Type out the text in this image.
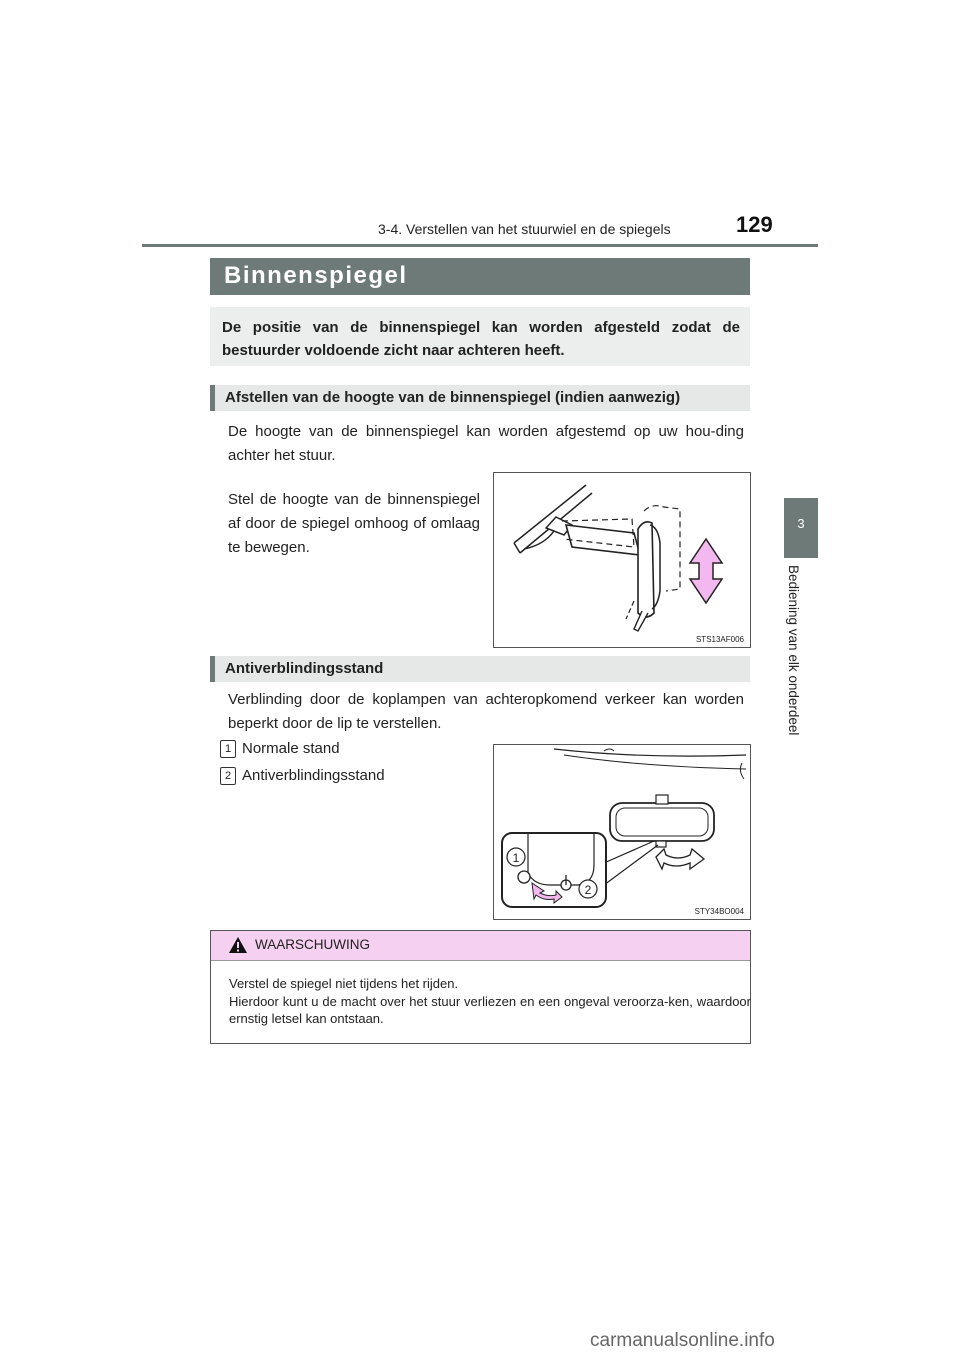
3-4. Verstellen van het stuurwiel en de spiegels	129
3
Bediening van elk onderdeel
Binnenspiegel
De positie van de binnenspiegel kan worden afgesteld zodat de bestuurder voldoende zicht naar achteren heeft.
Afstellen van de hoogte van de binnenspiegel (indien aanwezig)
De hoogte van de binnenspiegel kan worden afgestemd op uw hou-ding achter het stuur.
Stel de hoogte van de binnenspiegel af door de spiegel omhoog of omlaag te bewegen.
STS13AF006
Antiverblindingsstand
Verblinding door de koplampen van achteropkomend verkeer kan worden beperkt door de lip te verstellen.
1 Normale stand
2 Antiverblindingsstand
1
2
STY34BO004
WAARSCHUWING
Verstel de spiegel niet tijdens het rijden.
Hierdoor kunt u de macht over het stuur verliezen en een ongeval veroorza-ken, waardoor ernstig letsel kan ontstaan.
carmanualsonline.info
